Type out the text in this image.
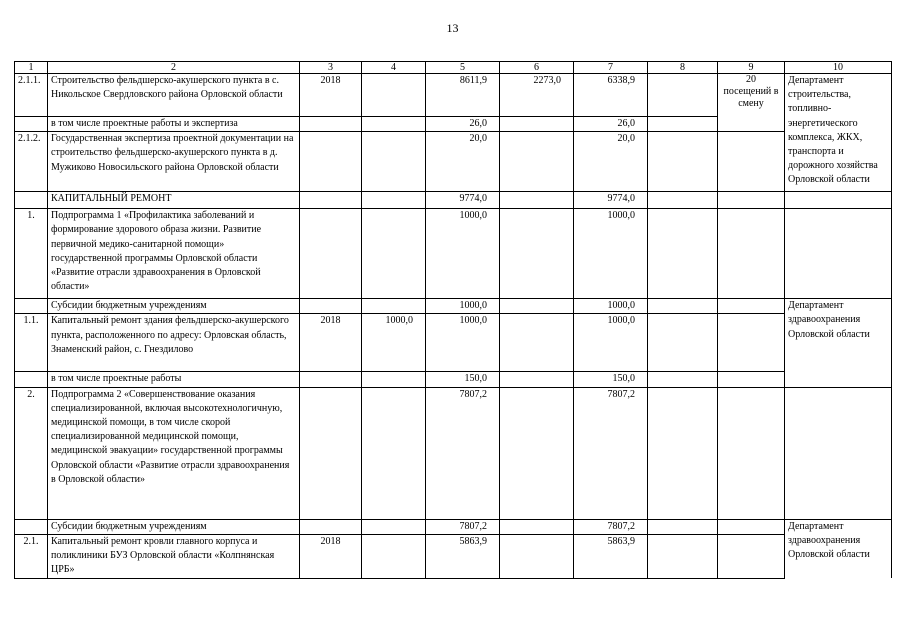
13
1	2	3	4	5	6	7	8	9	10
2.1.1.	Строительство фельдшерско-акушерского пункта в с. Никольское Свердловского района Орловской области	2018		8611,9	2273,0	6338,9		20 посещений в смену	Департамент строительства, топливно-энергетического комплекса, ЖКХ, транспорта и дорожного хозяйства Орловской области
	в том числе проектные работы и экспертиза			26,0		26,0			
2.1.2.	Государственная экспертиза проектной документации на строительство фельдшерско-акушерского пункта в д. Мужиково Новосильского района Орловской области			20,0		20,0			
	КАПИТАЛЬНЫЙ РЕМОНТ			9774,0		9774,0			
1.	Подпрограмма 1 «Профилактика заболеваний и формирование здорового образа жизни. Развитие первичной медико-санитарной помощи» государственной программы Орловской области «Развитие отрасли здравоохранения в Орловской области»			1000,0		1000,0			
	Субсидии бюджетным учреждениям			1000,0		1000,0			Департамент здравоохранения Орловской области
1.1.	Капитальный ремонт здания фельдшерско-акушерского пункта, расположенного по адресу: Орловская область, Знаменский район, с. Гнездилово	2018	1000,0	1000,0		1000,0			
	в том числе проектные работы			150,0		150,0			
2.	Подпрограмма 2 «Совершенствование оказания специализированной, включая высокотехнологичную, медицинской помощи, в том числе скорой специализированной медицинской помощи, медицинской эвакуации» государственной программы Орловской области «Развитие отрасли здравоохранения в Орловской области»			7807,2		7807,2			
	Субсидии бюджетным учреждениям			7807,2		7807,2			Департамент здравоохранения Орловской области
2.1.	Капитальный ремонт кровли главного корпуса и поликлиники БУЗ Орловской области «Колпнянская ЦРБ»	2018		5863,9		5863,9			
